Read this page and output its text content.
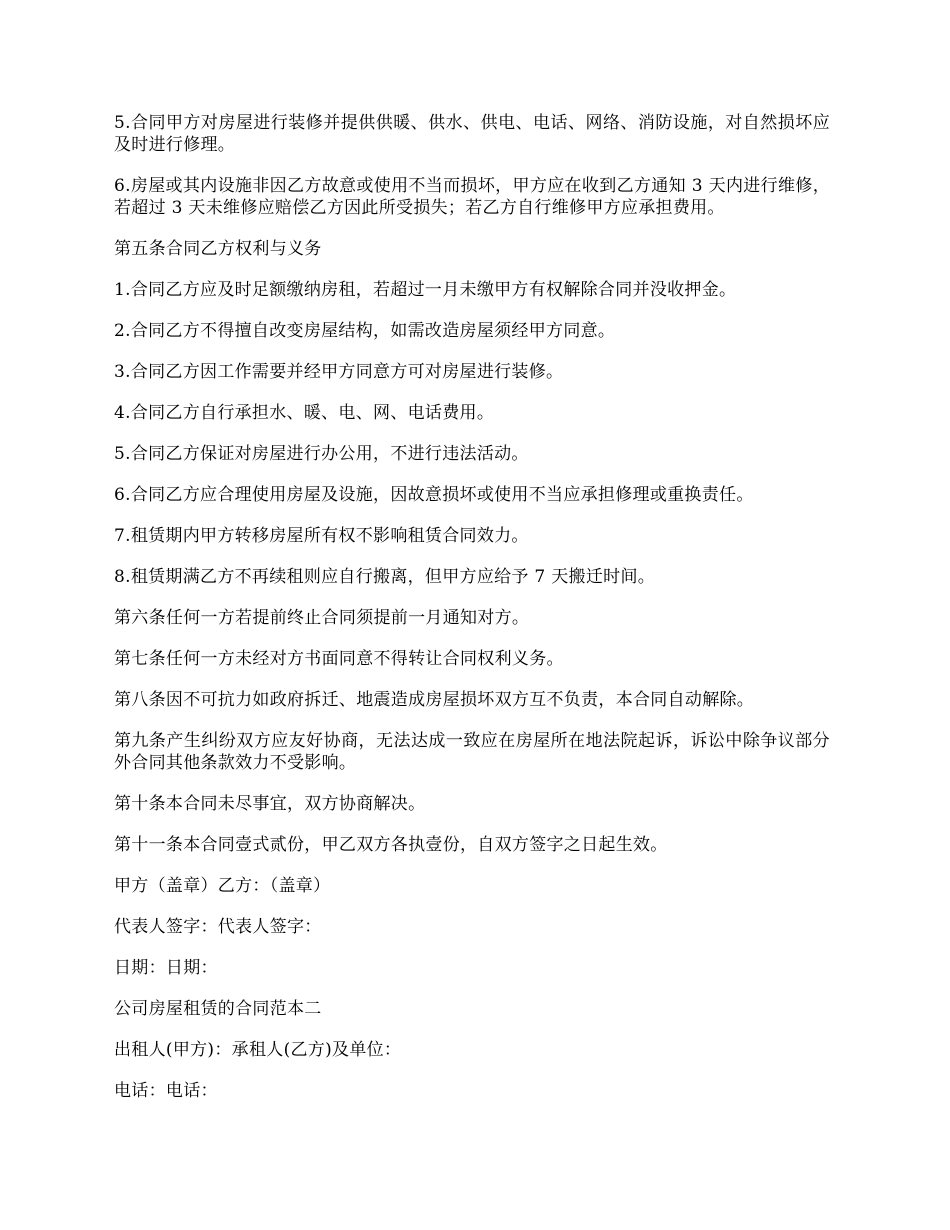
5.合同甲方对房屋进行装修并提供供暖、供水、供电、电话、网络、消防设施，对自然损坏应及时进行修理。

6.房屋或其内设施非因乙方故意或使用不当而损坏，甲方应在收到乙方通知 3 天内进行维修，若超过 3 天未维修应赔偿乙方因此所受损失；若乙方自行维修甲方应承担费用。

第五条合同乙方权利与义务

1.合同乙方应及时足额缴纳房租，若超过一月未缴甲方有权解除合同并没收押金。

2.合同乙方不得擅自改变房屋结构，如需改造房屋须经甲方同意。

3.合同乙方因工作需要并经甲方同意方可对房屋进行装修。

4.合同乙方自行承担水、暖、电、网、电话费用。

5.合同乙方保证对房屋进行办公用，不进行违法活动。

6.合同乙方应合理使用房屋及设施，因故意损坏或使用不当应承担修理或重换责任。

7.租赁期内甲方转移房屋所有权不影响租赁合同效力。

8.租赁期满乙方不再续租则应自行搬离，但甲方应给予 7 天搬迁时间。

第六条任何一方若提前终止合同须提前一月通知对方。

第七条任何一方未经对方书面同意不得转让合同权利义务。

第八条因不可抗力如政府拆迁、地震造成房屋损坏双方互不负责，本合同自动解除。

第九条产生纠纷双方应友好协商，无法达成一致应在房屋所在地法院起诉，诉讼中除争议部分外合同其他条款效力不受影响。

第十条本合同未尽事宜，双方协商解决。

第十一条本合同壹式贰份，甲乙双方各执壹份，自双方签字之日起生效。

甲方（盖章）乙方：（盖章）

代表人签字：代表人签字：

日期：日期：

公司房屋租赁的合同范本二

出租人(甲方)：承租人(乙方)及单位：

电话：电话：
